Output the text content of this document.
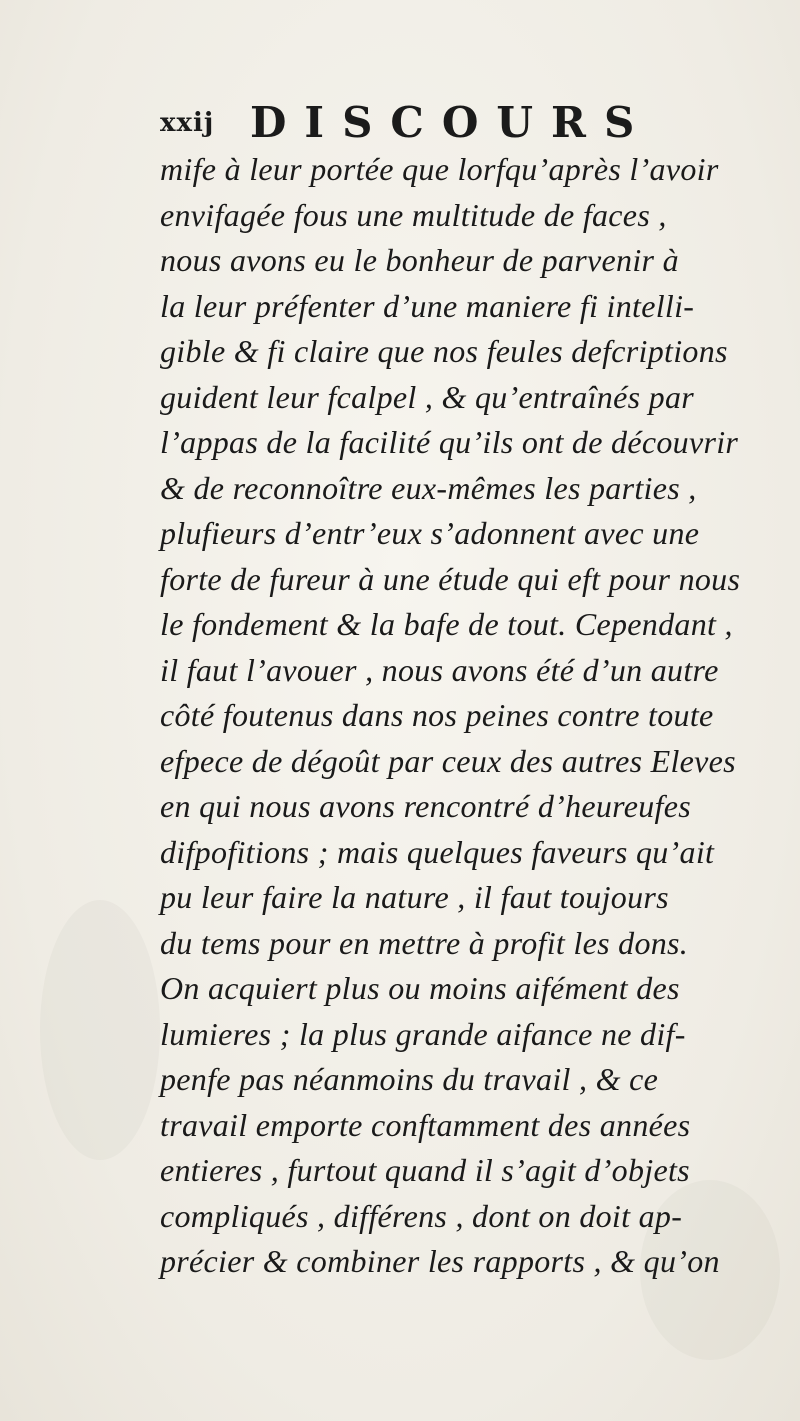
xxij DISCOURS
mife à leur portée que lorfqu’après l’avoir
envifagée fous une multitude de faces ,
nous avons eu le bonheur de parvenir à
la leur préfenter d’une maniere fi intelli-
gible & fi claire que nos feules defcriptions
guident leur fcalpel , & qu’entraînés par
l’appas de la facilité qu’ils ont de découvrir
& de reconnoître eux-mêmes les parties ,
plufieurs d’entr’eux s’adonnent avec une
forte de fureur à une étude qui eft pour nous
le fondement & la bafe de tout. Cependant ,
il faut l’avouer , nous avons été d’un autre
côté foutenus dans nos peines contre toute
efpece de dégoût par ceux des autres Eleves
en qui nous avons rencontré d’heureufes
difpofitions ; mais quelques faveurs qu’ait
pu leur faire la nature , il faut toujours
du tems pour en mettre à profit les dons.
On acquiert plus ou moins aifément des
lumieres ; la plus grande aifance ne dif-
penfe pas néanmoins du travail , & ce
travail emporte conftamment des années
entieres , furtout quand il s’agit d’objets
compliqués , différens , dont on doit ap-
précier & combiner les rapports , & qu’on
